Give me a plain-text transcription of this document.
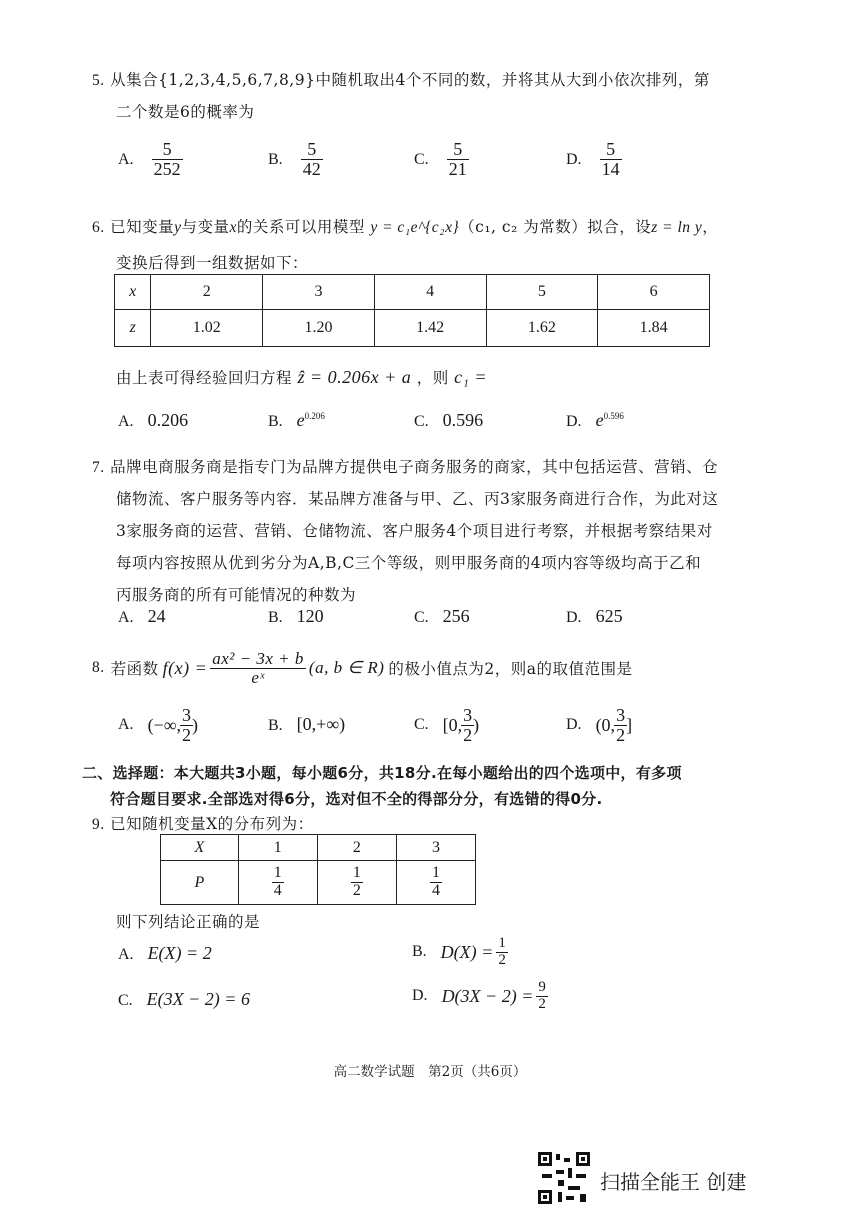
5. 从集合{1,2,3,4,5,6,7,8,9}中随机取出4个不同的数，并将其从大到小依次排列，第
二个数是6的概率为
A. $\frac{5}{252}$	B. $\frac{5}{42}$	C. $\frac{5}{21}$	D. $\frac{5}{14}$
6. 已知变量y与变量x的关系可以用模型 y = c₁e^{c₂x}（c₁, c₂ 为常数）拟合，设z = ln y，
变换后得到一组数据如下：
x	2	3	4	5	6
z	1.02	1.20	1.42	1.62	1.84
由上表可得经验回归方程 ẑ = 0.206x + a ，则 c₁ =
A. 0.206	B. $e^{0.206}$	C. 0.596	D. $e^{0.596}$
7. 品牌电商服务商是指专门为品牌方提供电子商务服务的商家，其中包括运营、营销、仓
储物流、客户服务等内容．某品牌方准备与甲、乙、丙3家服务商进行合作，为此对这
3家服务商的运营、营销、仓储物流、客户服务4个项目进行考察，并根据考察结果对
每项内容按照从优到劣分为A,B,C三个等级，则甲服务商的4项内容等级均高于乙和
丙服务商的所有可能情况的种数为
A. 24	B. 120	C. 256	D. 625
8. 若函数 $f(x) = \frac{\text{ax² − 3x + b}}{\text{eˣ}} (a$, b ∈ R) 的极小值点为2，则a的取值范围是
A. (−∞, $\frac{3}{2}$ )	B. [0,+∞)	C. [0, $\frac{3}{2}$ )	D. (0, $\frac{3}{2}$ ]
二、选择题：本大题共3小题，每小题6分，共18分.在每小题给出的四个选项中，有多项
符合题目要求.全部选对得6分，选对但不全的得部分分，有选错的得0分.
9. 已知随机变量X的分布列为：
X	1	2	3
P	$\frac{1}{4}$	$\frac{1}{2}$	$\frac{1}{4}$
则下列结论正确的是
A. E(X) = 2	B. $D(X) = \frac{1}{2}$
C. E(3X − 2) = 6	D. $D(3X - 2) = \frac{9}{2}$
高二数学试题　第2页（共6页）
扫描全能王 创建
